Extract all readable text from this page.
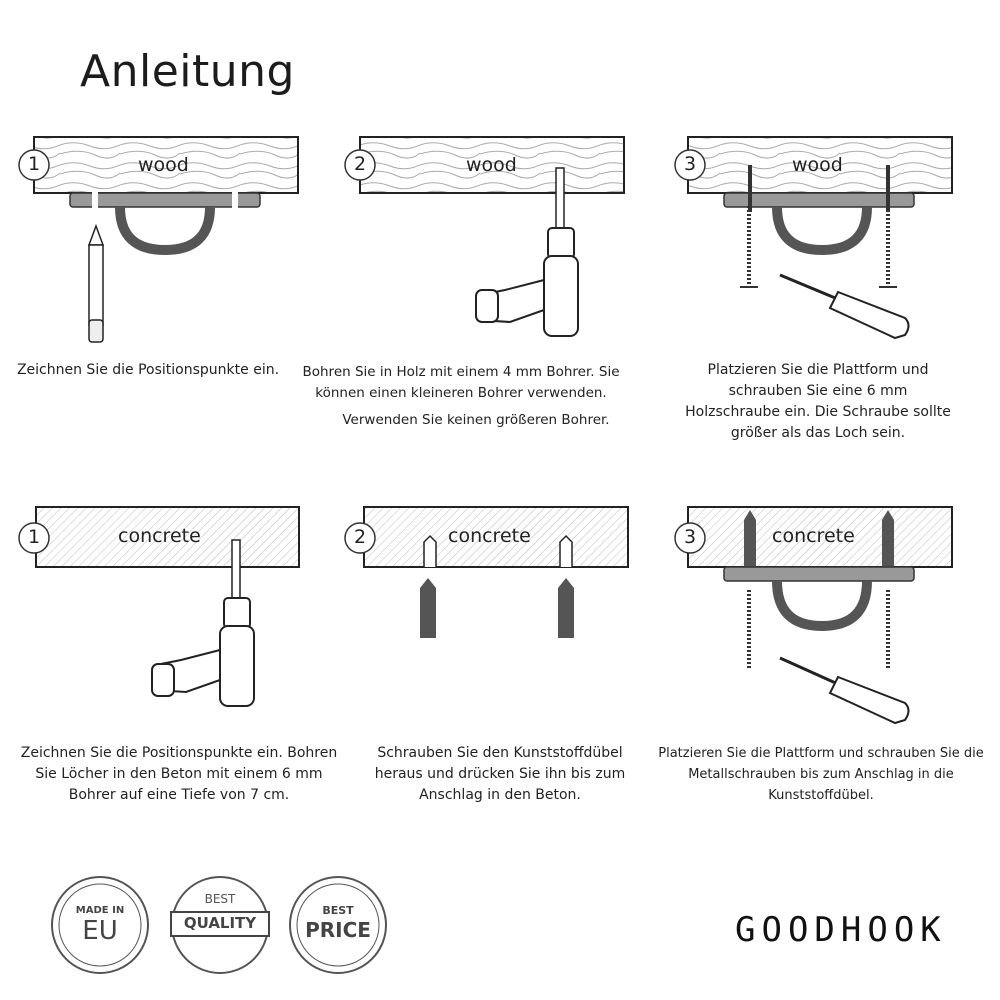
Anleitung
wood	wood	wood
concrete	concrete	concrete
1	2	3
1	2	3
Zeichnen Sie die Positionspunkte ein.	Bohren Sie in Holz mit einem 4 mm Bohrer. Sie
können einen kleineren Bohrer verwenden.
Verwenden Sie keinen größeren Bohrer.
Platzieren Sie die Plattform und
schrauben Sie eine 6 mm
Holzschraube ein. Die Schraube sollte
größer als das Loch sein.
Zeichnen Sie die Positionspunkte ein. Bohren
Sie Löcher in den Beton mit einem 6 mm
Bohrer auf eine Tiefe von 7 cm.
Schrauben Sie den Kunststoffdübel
heraus und drücken Sie ihn bis zum
Anschlag in den Beton.
Platzieren Sie die Plattform und schrauben Sie die
Metallschrauben bis zum Anschlag in die
Kunststoffdübel.
MADE IN
EU
BEST
QUALITY
BEST
PRICE	GOODHOOK
